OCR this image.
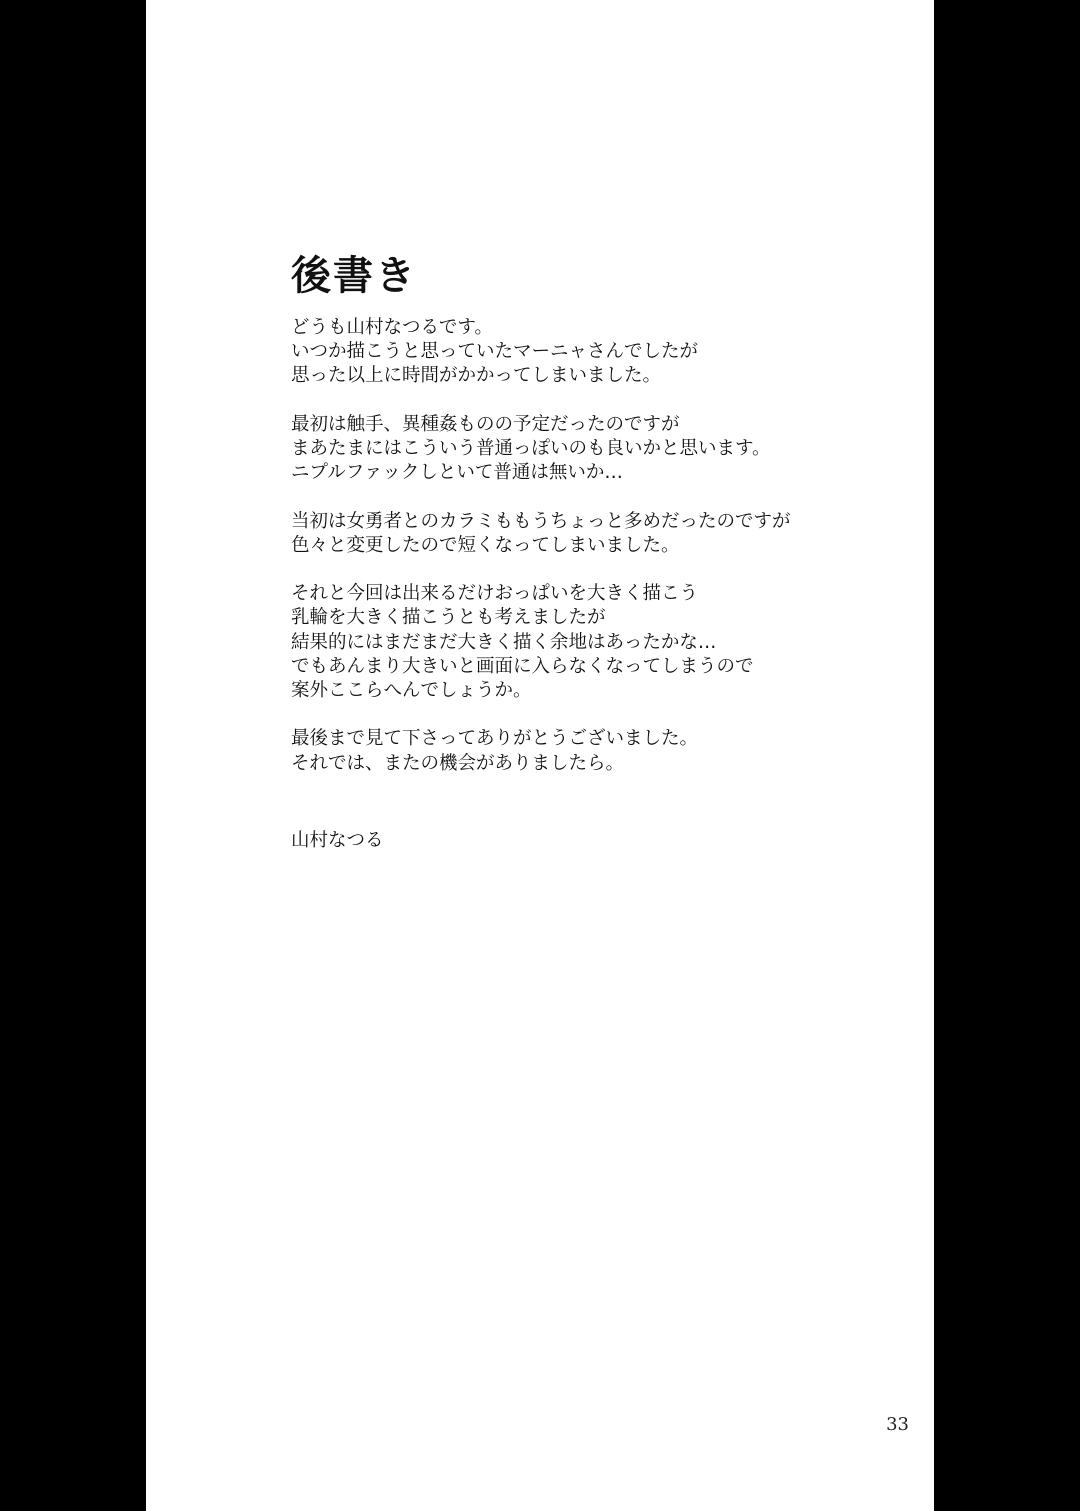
後書き
どうも山村なつるです。
いつか描こうと思っていたマーニャさんでしたが
思った以上に時間がかかってしまいました。
最初は触手、異種姦ものの予定だったのですが
まあたまにはこういう普通っぽいのも良いかと思います。
ニプルファックしといて普通は無いか…
当初は女勇者とのカラミももうちょっと多めだったのですが
色々と変更したので短くなってしまいました。
それと今回は出来るだけおっぱいを大きく描こう
乳輪を大きく描こうとも考えましたが
結果的にはまだまだ大きく描く余地はあったかな…
でもあんまり大きいと画面に入らなくなってしまうので
案外ここらへんでしょうか。
最後まで見て下さってありがとうございました。
それでは、またの機会がありましたら。
山村なつる
33
